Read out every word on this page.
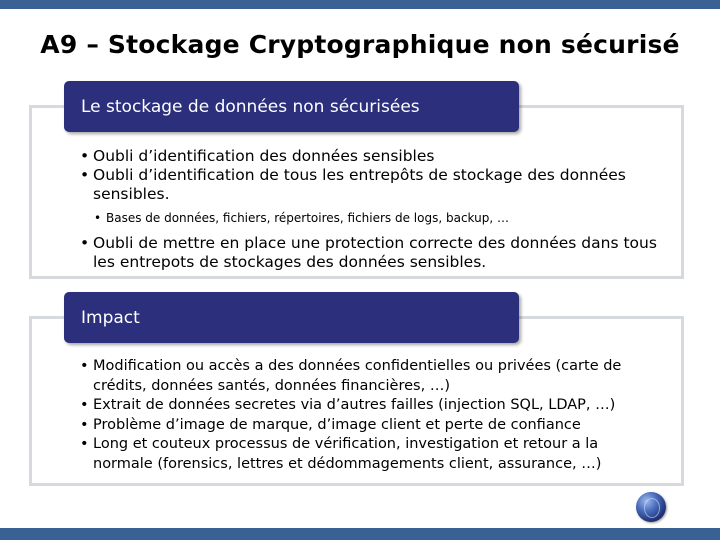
A9 – Stockage Cryptographique non sécurisé
Le stockage de données non sécurisées
• Oubli d’identification des données sensibles
• Oubli d’identification de tous les entrepôts de stockage des données sensibles.
• Bases de données, fichiers, répertoires, fichiers de logs, backup, …
• Oubli de mettre en place une protection correcte des données dans tous les entrepots de stockages des données sensibles.
Impact
• Modification ou accès a des données confidentielles ou privées (carte de crédits, données santés, données financières, …)
• Extrait de données secretes via d’autres failles (injection SQL, LDAP, …)
• Problème d’image de marque, d’image client et perte de confiance
• Long et couteux processus de vérification, investigation et retour a la normale (forensics, lettres et dédommagements client, assurance, …)
